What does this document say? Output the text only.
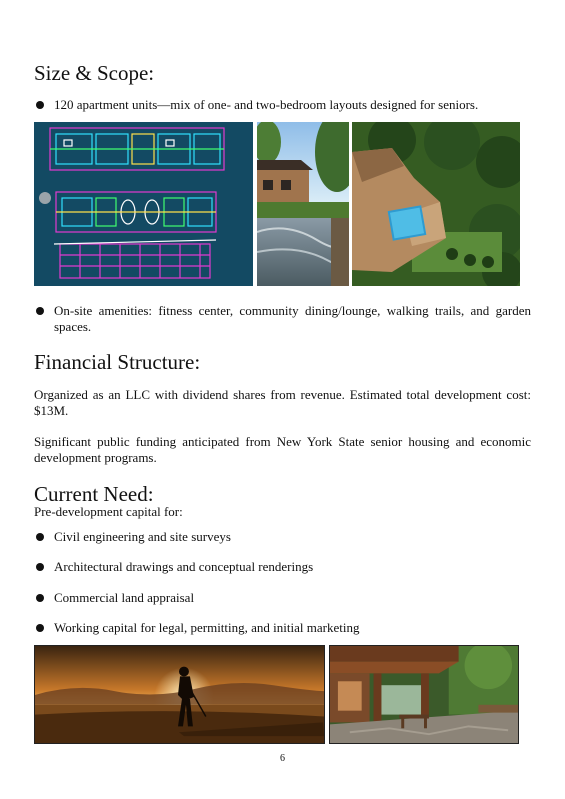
Size & Scope:
120 apartment units—mix of one- and two-bedroom layouts designed for seniors.
On-site amenities: fitness center, community dining/lounge, walking trails, and garden spaces.
Financial Structure:

Organized as an LLC with dividend shares from revenue. Estimated total development cost: $13M.

Significant public funding anticipated from New York State senior housing and economic development programs.

Current Need:

Pre-development capital for:

Civil engineering and site surveys
Architectural drawings and conceptual renderings
Commercial land appraisal
Working capital for legal, permitting, and initial marketing
6
